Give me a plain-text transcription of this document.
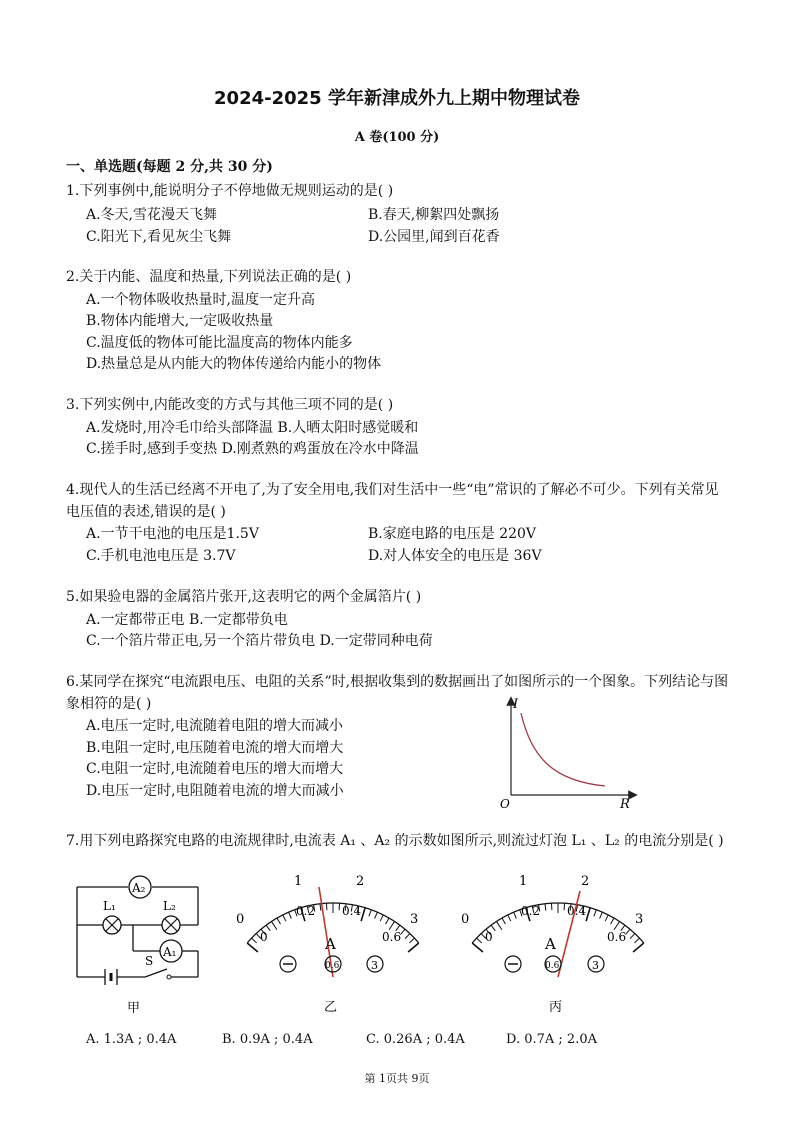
2024-2025 学年新津成外九上期中物理试卷
A 卷(100 分)
一、单选题(每题 2 分,共 30 分)
1.下列事例中,能说明分子不停地做无规则运动的是( )
A.冬天,雪花漫天飞舞	B.春天,柳絮四处飘扬
C.阳光下,看见灰尘飞舞	D.公园里,闻到百花香
2.关于内能、温度和热量,下列说法正确的是( )
A.一个物体吸收热量时,温度一定升高
B.物体内能增大,一定吸收热量
C.温度低的物体可能比温度高的物体内能多
D.热量总是从内能大的物体传递给内能小的物体
3.下列实例中,内能改变的方式与其他三项不同的是( )
A.发烧时,用冷毛巾给头部降温 B.人晒太阳时感觉暖和
C.搓手时,感到手变热 D.刚煮熟的鸡蛋放在冷水中降温
4.现代人的生活已经离不开电了,为了安全用电,我们对生活中一些“电”常识的了解必不可少。下列有关常见
电压值的表述,错误的是( )
A.一节干电池的电压是1.5V	B.家庭电路的电压是 220V
C.手机电池电压是 3.7V	D.对人体安全的电压是 36V
5.如果验电器的金属箔片张开,这表明它的两个金属箔片( )
A.一定都带正电 B.一定都带负电
C.一个箔片带正电,另一个箔片带负电 D.一定带同种电荷
6.某同学在探究“电流跟电压、电阻的关系”时,根据收集到的数据画出了如图所示的一个图象。下列结论与图
象相符的是( )
A.电压一定时,电流随着电阻的增大而减小
B.电阻一定时,电压随着电流的增大而增大
C.电阻一定时,电流随着电压的增大而增大
D.电压一定时,电阻随着电流的增大而减小
I
R
O
7.用下列电路探究电路的电流规律时,电流表 A₁ 、A₂ 的示数如图所示,则流过灯泡 L₁ 、L₂ 的电流分别是( )
A₂
L₁	L₂
A₁
S
甲
0
1	2
3
0
0.2 0.4
0.6
A
0.6	3
乙
0
1	2
3
0
0.2 0.4
0.6
A
0.6	3
丙
A. 1.3A ; 0.4A	B. 0.9A ; 0.4A	C. 0.26A ; 0.4A	D. 0.7A ; 2.0A
第 1页共 9页
